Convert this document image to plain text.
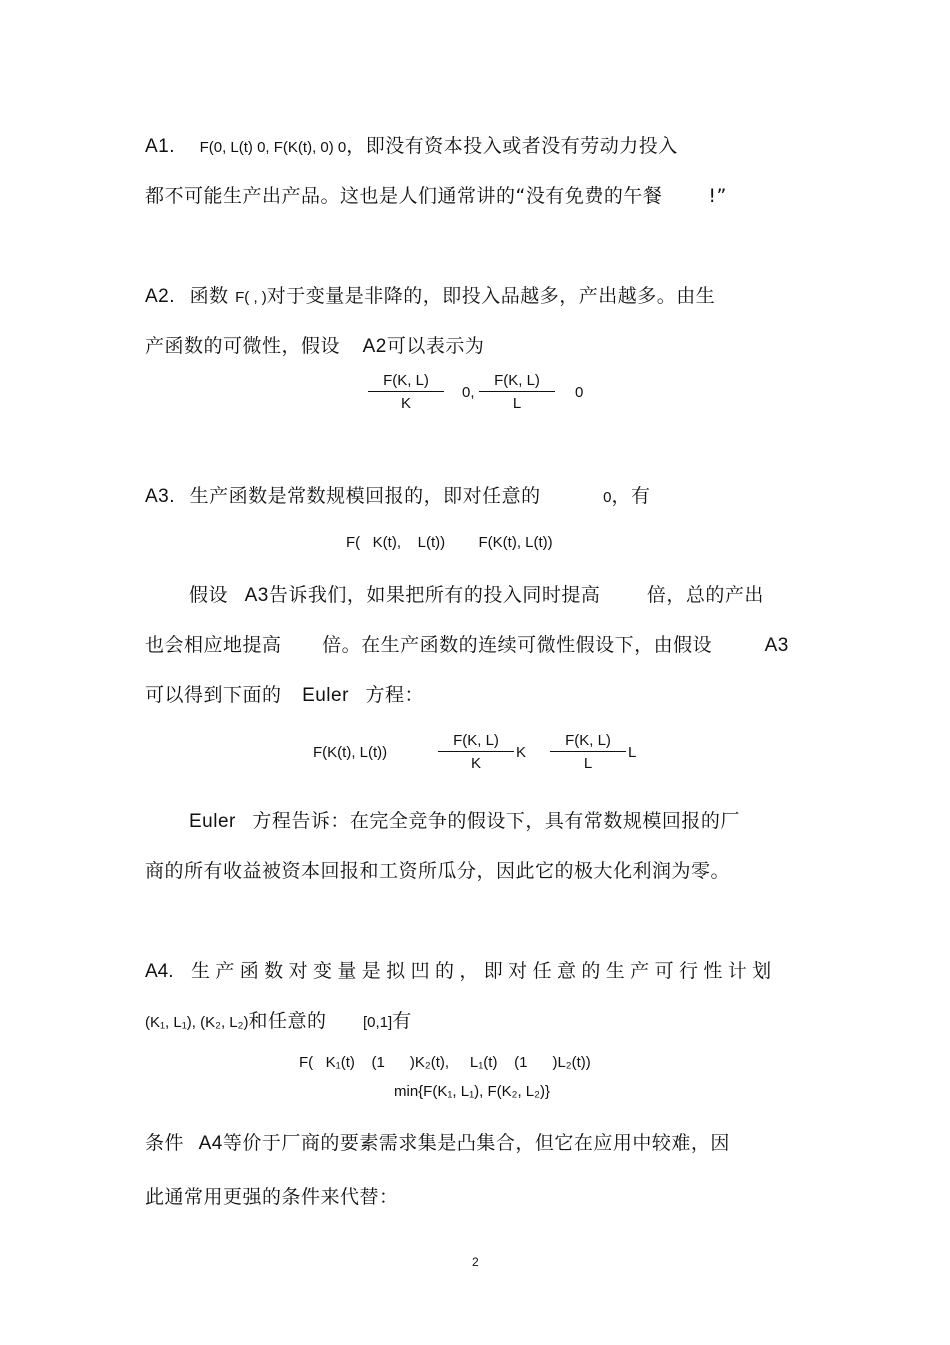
A1. F(0, L(t) 0, F(K(t), 0) 0，即没有资本投入或者没有劳动力投入
都不可能生产出产品。这也是人们通常讲的“没有免费的午餐 !”
A2. 函数 F( , )对于变量是非降的，即投入品越多，产出越多。由生
产函数的可微性，假设 A2可以表示为
F(K, L)
K
0,
F(K, L)
L
0
A3. 生产函数是常数规模回报的，即对任意的	0，有
F(   K(t),    L(t))        F(K(t), L(t))
假设 A3告诉我们，如果把所有的投入同时提高 倍，总的产出
也会相应地提高 倍。在生产函数的连续可微性假设下，由假设	A3
可以得到下面的 Euler 方程：
F(K(t), L(t))
F(K, L)
K
K
F(K, L)
L
L
Euler 方程告诉：在完全竞争的假设下，具有常数规模回报的厂
商的所有收益被资本回报和工资所瓜分，因此它的极大化利润为零。
A4. 生产函数对变量是拟凹的，即对任意的生产可行性计划
(K₁, L₁), (K₂, L₂)和任意的 [0,1]有
F(   K₁(t)    (1      )K₂(t),     L₁(t)    (1      )L₂(t))
min{F(K₁, L₁), F(K₂, L₂)}
条件 A4等价于厂商的要素需求集是凸集合，但它在应用中较难，因
此通常用更强的条件来代替：
2
